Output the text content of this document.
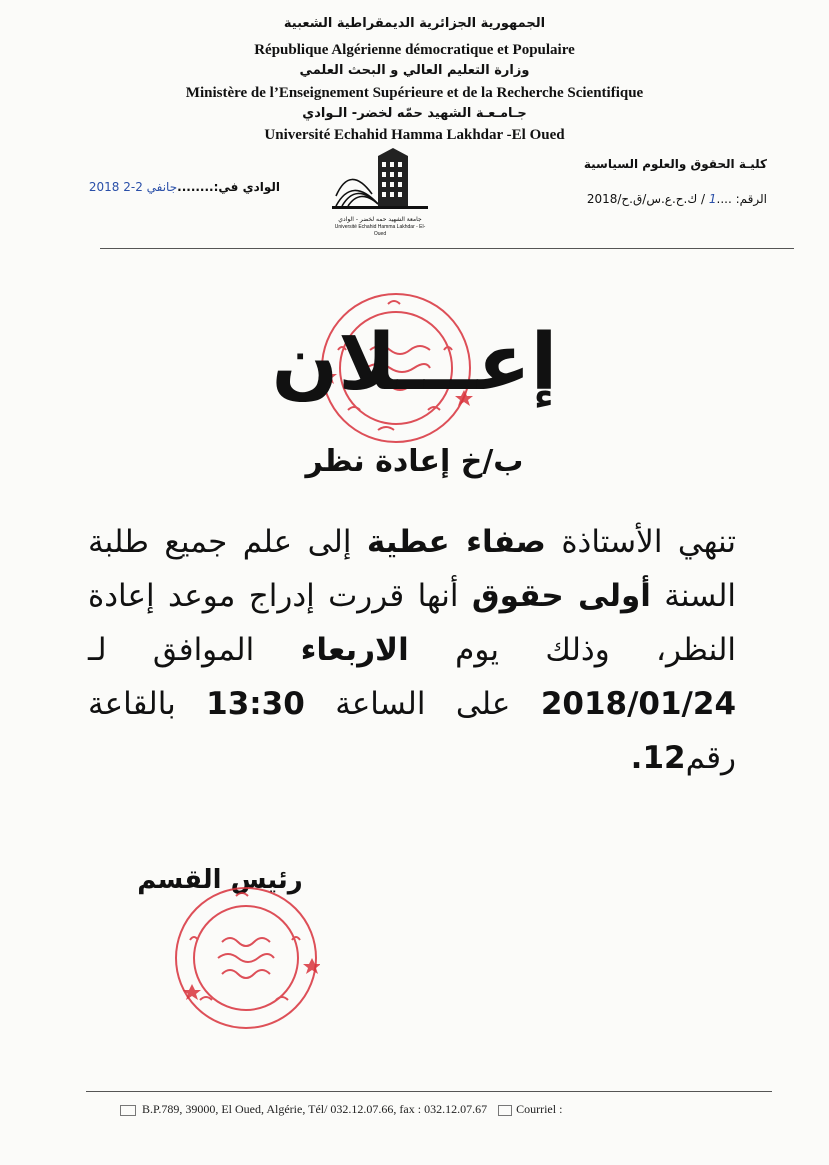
الجمهورية الجزائرية الديمقراطية الشعبية
République Algérienne démocratique et Populaire
وزارة التعليم العالي و البحث العلمي
Ministère de l’Enseignement Supérieure et de la Recherche Scientifique
جـامـعـة الشهيد حمّه لخضر- الـوادي
Université Echahid Hamma Lakhdar -El Oued
كليـة الحقوق والعلوم السياسية
الرقم: ....1 / ك.ح.ع.س/ق.ح/2018
الوادي في:........2018 جانفي 2-2
جامعة الشهيد حمه لخضر - الوادي
Université Echahid Hamma Lakhdar - El-Oued
إعـــلان
ب/خ إعادة نظر
تنهي الأستاذة صفاء عطية إلى علم جميع طلبة السنة أولى حقوق أنها قررت إدراج موعد إعادة النظر، وذلك يوم الاربعاء الموافق لـ 2018/01/24 على الساعة 13:30 بالقاعة رقم12.
رئيس القسم
B.P.789, 39000, El Oued, Algérie, Tél/ 032.12.07.66, fax : 032.12.07.67 Courriel :
